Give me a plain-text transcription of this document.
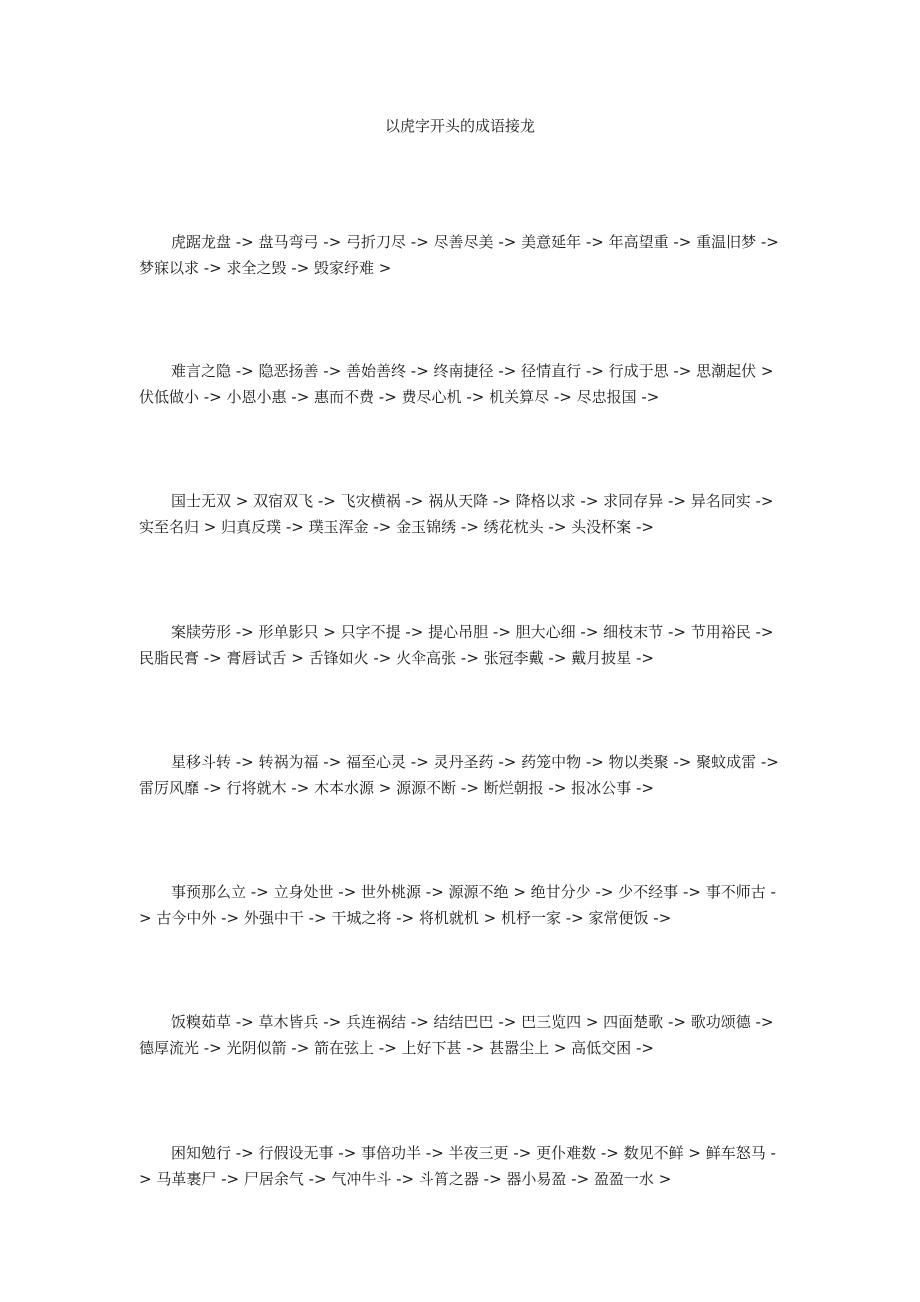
以虎字开头的成语接龙

虎踞龙盘 -> 盘马弯弓 -> 弓折刀尽 -> 尽善尽美 -> 美意延年 -> 年高望重 -> 重温旧梦 -> 梦寐以求 -> 求全之毁 -> 毁家纾难 >

难言之隐 -> 隐恶扬善 -> 善始善终 -> 终南捷径 -> 径情直行 -> 行成于思 -> 思潮起伏 > 伏低做小 -> 小恩小惠 -> 惠而不费 -> 费尽心机 -> 机关算尽 -> 尽忠报国 ->

国士无双 > 双宿双飞 -> 飞灾横祸 -> 祸从天降 -> 降格以求 -> 求同存异 -> 异名同实 -> 实至名归 > 归真反璞 -> 璞玉浑金 -> 金玉锦绣 -> 绣花枕头 -> 头没杯案 ->

案牍劳形 -> 形单影只 > 只字不提 -> 提心吊胆 -> 胆大心细 -> 细枝末节 -> 节用裕民 -> 民脂民膏 -> 膏唇试舌 > 舌锋如火 -> 火伞高张 -> 张冠李戴 -> 戴月披星 ->

星移斗转 -> 转祸为福 -> 福至心灵 -> 灵丹圣药 -> 药笼中物 -> 物以类聚 -> 聚蚊成雷 -> 雷厉风靡 -> 行将就木 -> 木本水源 > 源源不断 -> 断烂朝报 -> 报冰公事 ->

事预那么立 -> 立身处世 -> 世外桃源 -> 源源不绝 > 绝甘分少 -> 少不经事 -> 事不师古 -> 古今中外 -> 外强中干 -> 干城之将 -> 将机就机 > 机杼一家 -> 家常便饭 ->

饭糗茹草 -> 草木皆兵 -> 兵连祸结 -> 结结巴巴 -> 巴三览四 > 四面楚歌 -> 歌功颂德 -> 德厚流光 -> 光阴似箭 -> 箭在弦上 -> 上好下甚 -> 甚嚣尘上 > 高低交困 ->

困知勉行 -> 行假设无事 -> 事倍功半 -> 半夜三更 -> 更仆难数 -> 数见不鲜 > 鲜车怒马 -> 马革裹尸 -> 尸居余气 -> 气冲牛斗 -> 斗筲之器 -> 器小易盈 -> 盈盈一水 >
